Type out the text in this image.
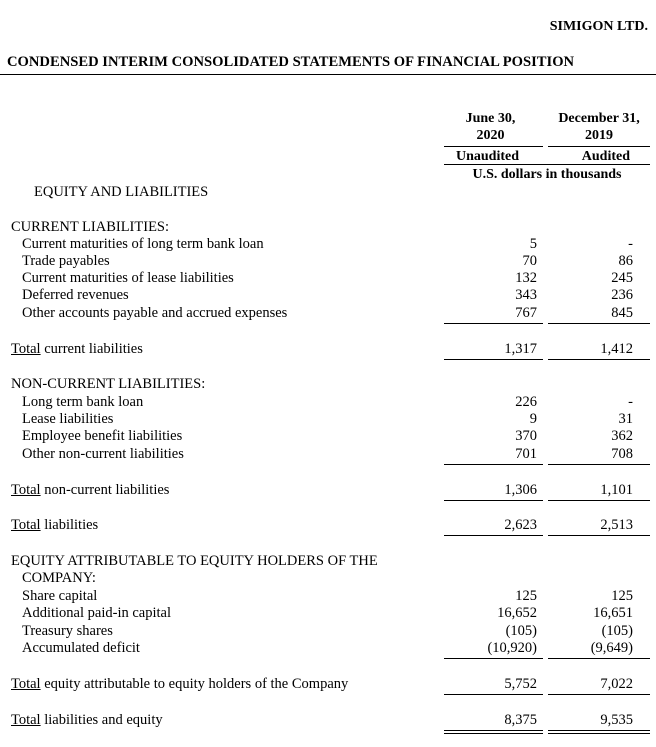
SIMIGON LTD.
CONDENSED INTERIM CONSOLIDATED STATEMENTS OF FINANCIAL POSITION
June 30,
2020
December 31,
2019
Unaudited	Audited
U.S. dollars in thousands
EQUITY AND LIABILITIES
CURRENT LIABILITIES:
Current maturities of long term bank loan	5	-
Trade payables	70	86
Current maturities of lease liabilities	132	245
Deferred revenues	343	236
Other accounts payable and accrued expenses	767	845
Total current liabilities	1,317	1,412
NON-CURRENT LIABILITIES:
Long term bank loan	226	-
Lease liabilities	9	31
Employee benefit liabilities	370	362
Other non-current liabilities	701	708
Total non-current liabilities	1,306	1,101
Total liabilities	2,623	2,513
EQUITY ATTRIBUTABLE TO EQUITY HOLDERS OF THE
COMPANY:
Share capital	125	125
Additional paid-in capital	16,652	16,651
Treasury shares	(105)	(105)
Accumulated deficit	(10,920)	(9,649)
Total equity attributable to equity holders of the Company	5,752	7,022
Total liabilities and equity	8,375	9,535
